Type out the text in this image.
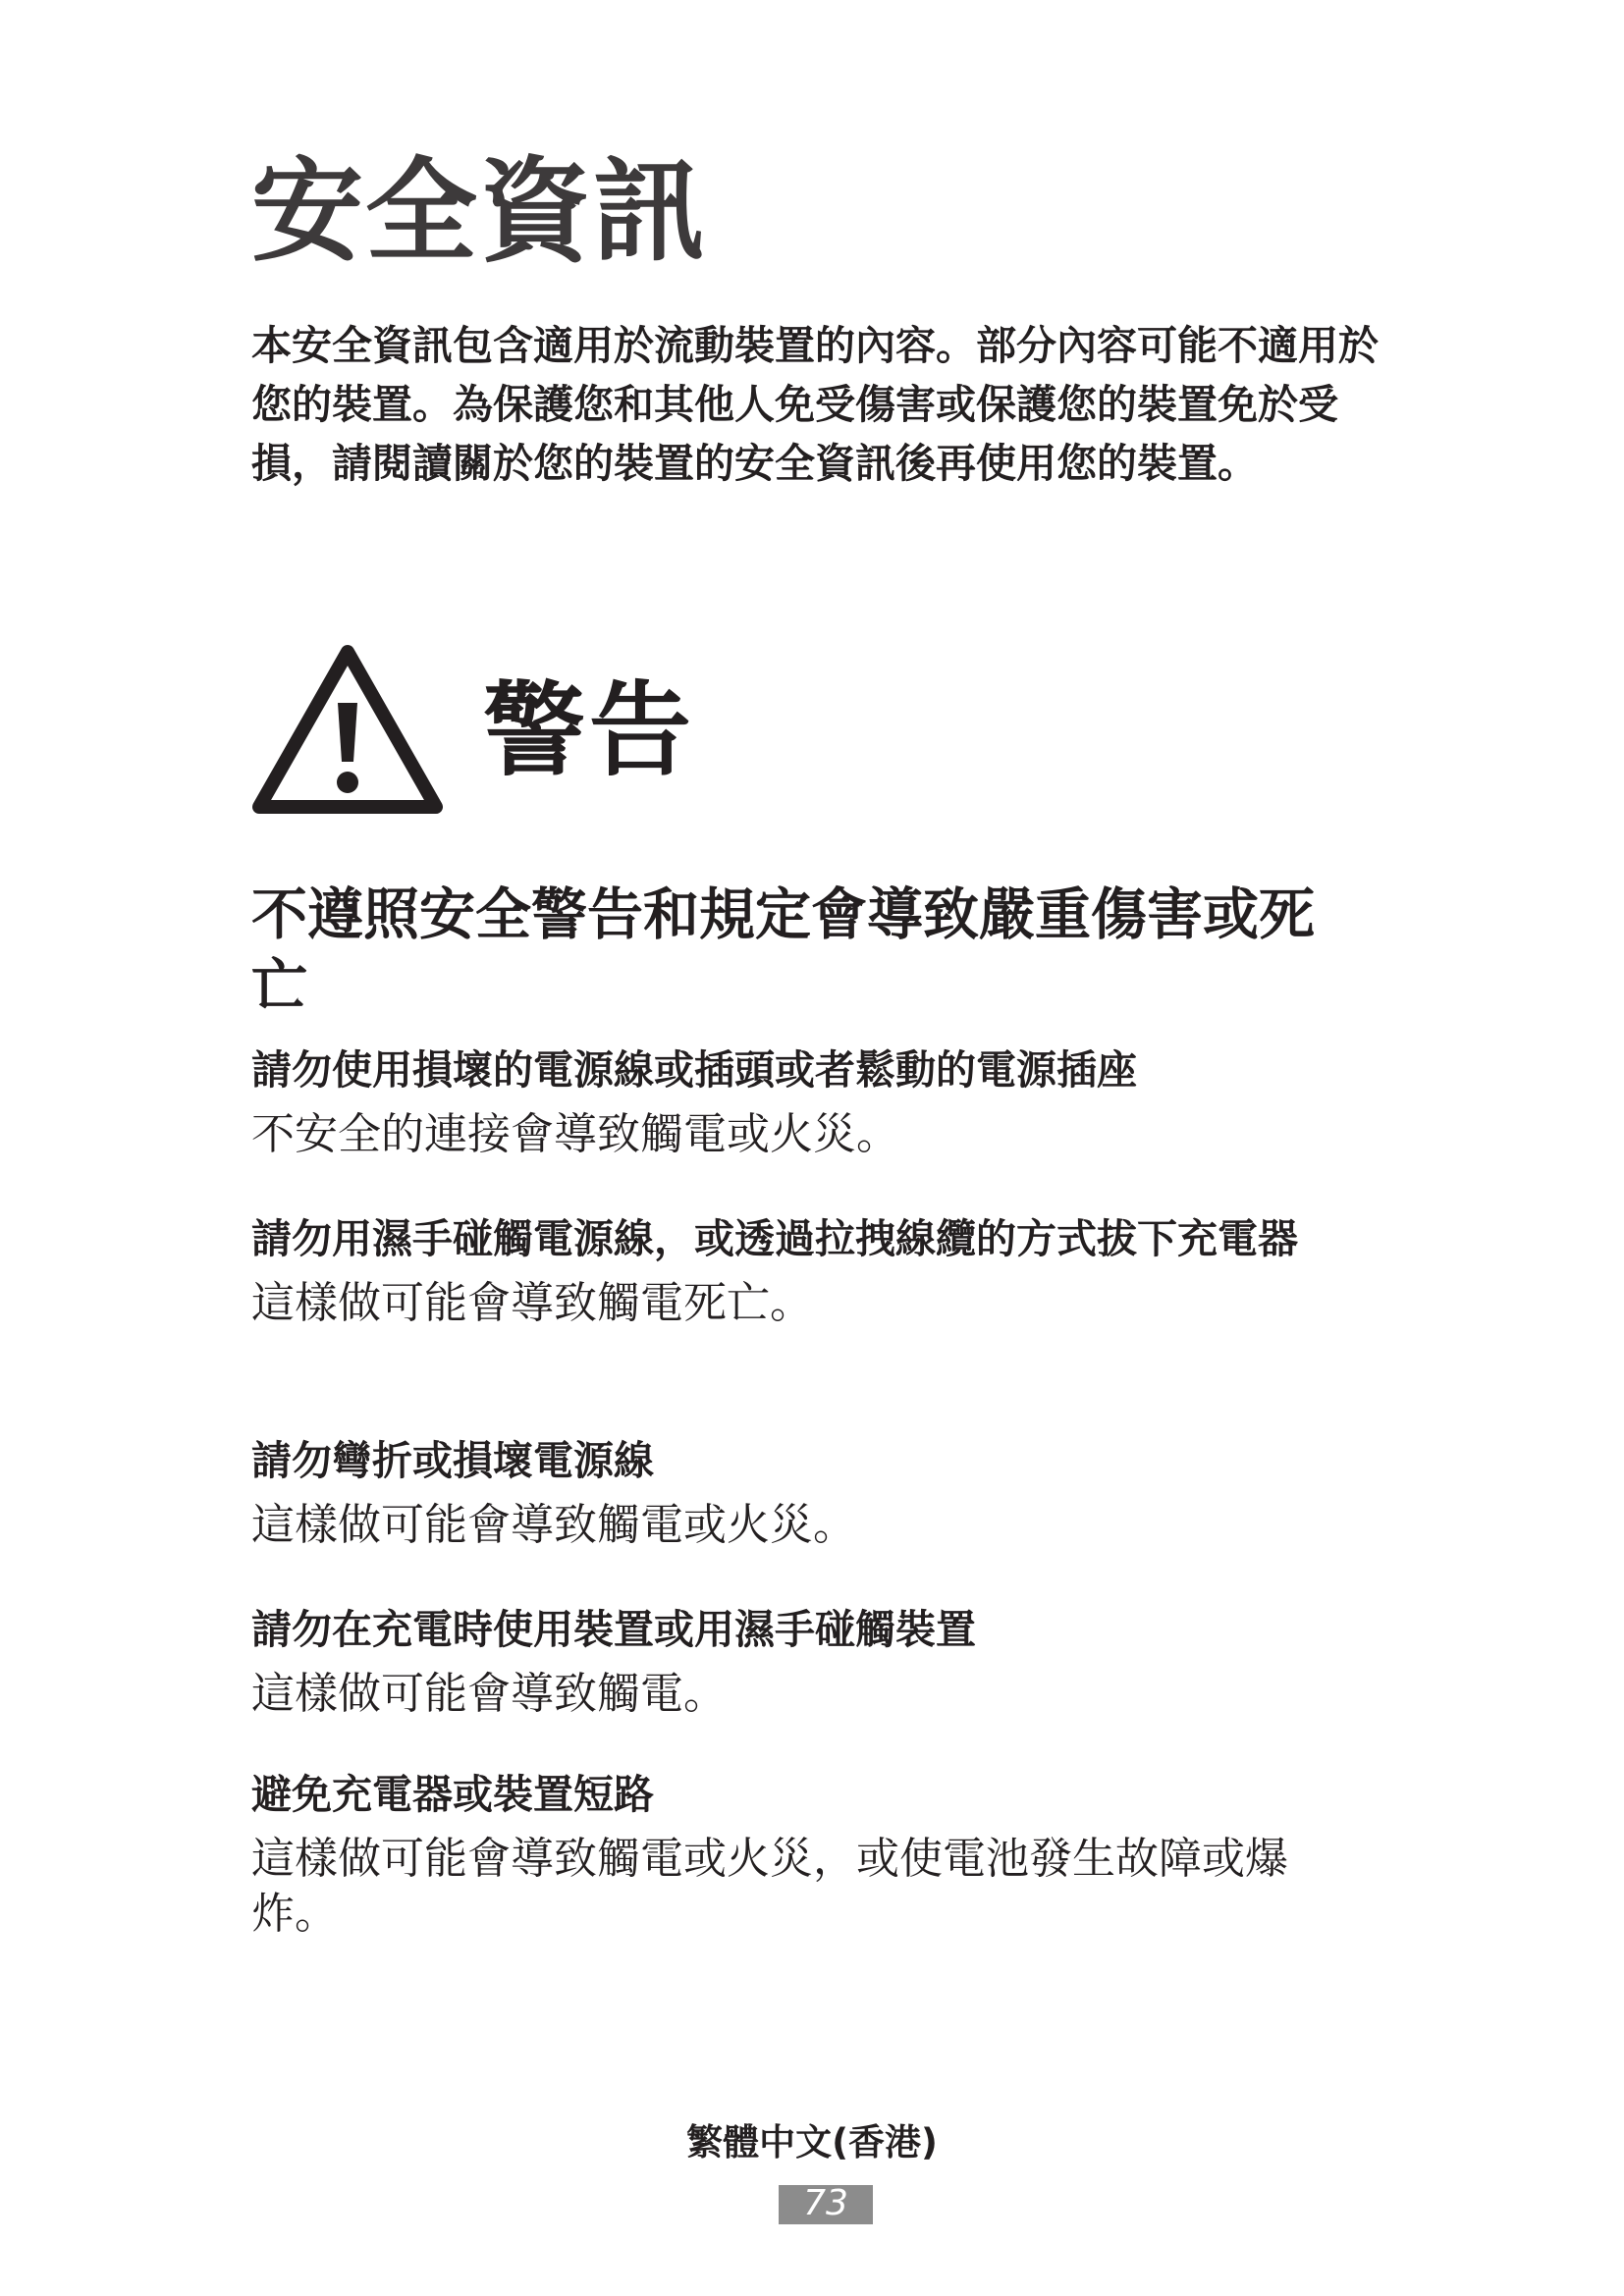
安全資訊

本安全資訊包含適用於流動裝置的內容。部分內容可能不適用於您的裝置。為保護您和其他人免受傷害或保護您的裝置免於受損，請閱讀關於您的裝置的安全資訊後再使用您的裝置。

警告
不遵照安全警告和規定會導致嚴重傷害或死亡
請勿使用損壞的電源線或插頭或者鬆動的電源插座

不安全的連接會導致觸電或火災。

請勿用濕手碰觸電源線，或透過拉拽線纜的方式拔下充電器

這樣做可能會導致觸電死亡。

請勿彎折或損壞電源線

這樣做可能會導致觸電或火災。

請勿在充電時使用裝置或用濕手碰觸裝置

這樣做可能會導致觸電。

避免充電器或裝置短路

這樣做可能會導致觸電或火災，或使電池發生故障或爆炸。

繁體中文(香港)

73
